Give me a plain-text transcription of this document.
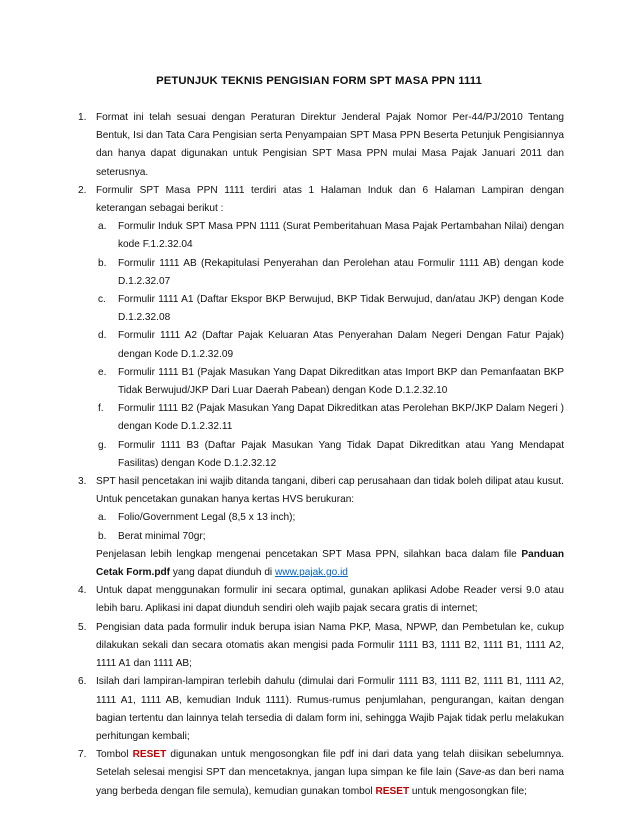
PETUNJUK TEKNIS PENGISIAN FORM SPT MASA PPN 1111
1. Format ini telah sesuai dengan Peraturan Direktur Jenderal Pajak Nomor Per-44/PJ/2010 Tentang Bentuk, Isi dan Tata Cara Pengisian serta Penyampaian SPT Masa PPN Beserta Petunjuk Pengisiannya dan hanya dapat digunakan untuk Pengisian SPT Masa PPN mulai Masa Pajak Januari 2011 dan seterusnya.
2. Formulir SPT Masa PPN 1111 terdiri atas 1 Halaman Induk dan 6 Halaman Lampiran dengan keterangan sebagai berikut :
a.	Formulir Induk SPT Masa PPN 1111 (Surat Pemberitahuan Masa Pajak Pertambahan Nilai) dengan kode F.1.2.32.04
b.	Formulir 1111 AB (Rekapitulasi Penyerahan dan Perolehan atau Formulir 1111 AB) dengan kode D.1.2.32.07
c.	Formulir 1111 A1 (Daftar Ekspor BKP Berwujud, BKP Tidak Berwujud, dan/atau JKP) dengan Kode D.1.2.32.08
d.	Formulir 1111 A2 (Daftar Pajak Keluaran Atas Penyerahan Dalam Negeri Dengan Fatur Pajak) dengan Kode D.1.2.32.09
e.	Formulir 1111 B1 (Pajak Masukan Yang Dapat Dikreditkan atas Import BKP dan Pemanfaatan BKP Tidak Berwujud/JKP Dari Luar Daerah Pabean) dengan Kode D.1.2.32.10
f.	Formulir 1111 B2 (Pajak Masukan Yang Dapat Dikreditkan atas Perolehan BKP/JKP Dalam Negeri ) dengan Kode D.1.2.32.11
g.	Formulir 1111 B3 (Daftar Pajak Masukan Yang Tidak Dapat Dikreditkan atau Yang Mendapat Fasilitas) dengan Kode D.1.2.32.12
3. SPT hasil pencetakan ini wajib ditanda tangani, diberi cap perusahaan dan tidak boleh dilipat atau kusut. Untuk pencetakan gunakan hanya kertas HVS berukuran:
a.	Folio/Government Legal (8,5 x 13 inch);
b.	Berat minimal 70gr;
Penjelasan lebih lengkap mengenai pencetakan SPT Masa PPN, silahkan baca dalam file Panduan Cetak Form.pdf yang dapat diunduh di www.pajak.go.id
4. Untuk dapat menggunakan formulir ini secara optimal, gunakan aplikasi Adobe Reader versi 9.0 atau lebih baru. Aplikasi ini dapat diunduh sendiri oleh wajib pajak secara gratis di internet;
5. Pengisian data pada formulir induk berupa isian Nama PKP, Masa, NPWP, dan Pembetulan ke, cukup dilakukan sekali dan secara otomatis akan mengisi pada Formulir 1111 B3, 1111 B2, 1111 B1, 1111 A2, 1111 A1 dan 1111 AB;
6. Isilah dari lampiran-lampiran terlebih dahulu (dimulai dari Formulir 1111 B3, 1111 B2, 1111 B1, 1111 A2, 1111 A1, 1111 AB, kemudian Induk 1111). Rumus-rumus penjumlahan, pengurangan, kaitan dengan bagian tertentu dan lainnya telah tersedia di dalam form ini, sehingga Wajib Pajak tidak perlu melakukan perhitungan kembali;
7. Tombol RESET digunakan untuk mengosongkan file pdf ini dari data yang telah diisikan sebelumnya. Setelah selesai mengisi SPT dan mencetaknya, jangan lupa simpan ke file lain (Save-as dan beri nama yang berbeda dengan file semula), kemudian gunakan tombol RESET untuk mengosongkan file;
